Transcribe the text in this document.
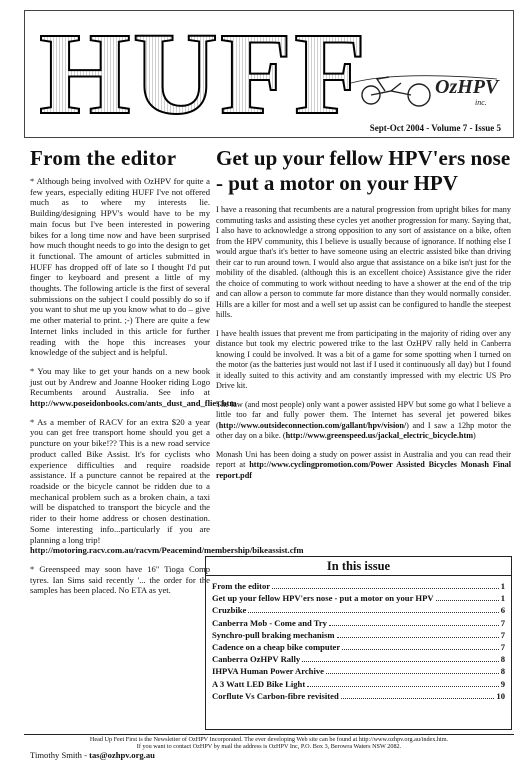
HUFF	OzHPV
inc.
Sept-Oct 2004 - Volume 7 - Issue 5
From the editor

* Although being involved with OzHPV for quite a few years, especially editing HUFF I've not offered much as to where my interests lie. Building/designing HPV's would have to be my main focus but I've been interested in powering bikes for a long time now and have been surprised how much thought needs to go into the design to get it functional. The amount of articles submitted in HUFF has dropped off of late so I thought I'd put finger to keyboard and present a little of my thoughts. The following article is the first of several submissions on the subject I could possibly do so if you want to shut me up you know what to do – give me other material to print. ;-) There are quite a few Internet links included in this article for further reading with the hope this increases your knowledge of the subject and is helpful.

* You may like to get your hands on a new book just out by Andrew and Joanne Hooker riding Logo Recumbents around Australia. See info at http://www.poseidonbooks.com/ants_dust_and_flies.htm

* As a member of RACV for an extra $20 a year you can get free transport home should you get a puncture on your bike!?? This is a new road service product called Bike Assist. It's for cyclists who experience difficulties and require roadside assistance. If a puncture cannot be repaired at the roadside or the bicycle cannot be ridden due to a mechanical problem such as a broken chain, a taxi will be dispatched to transport the bicycle and the rider to their home address or chosen destination. Some interesting info...particularly if you are planning a long trip!
http://motoring.racv.com.au/racvm/Peacemind/membership/bikeassist.cfm

* Greenspeed may soon have 16" Tioga Comp tyres. Ian Sims said recently '... the order for the samples has been placed. No ETA as yet.

Timothy Smith - tas@ozhpv.org.au
Get up your fellow HPV'ers nose - put a motor on your HPV

I have a reasoning that recumbents are a natural progression from upright bikes for many commuting tasks and assisting these cycles yet another progression for many. Saying that, I also have to acknowledge a strong opposition to any sort of assistance on a bike, often from the HPV community, this I believe is usually because of ignorance. If nothing else I would argue that's it's better to have someone using an electric assisted bike than driving their car to run around town. I would also argue that assistance on a bike isn't just for the mobility of the disabled. (although this is an excellent choice) Assistance give the rider the choice of commuting to work without needing to have a shower at the end of the trip and can allow a person to commute far more distance than they would normally consider. Hills are a killer for most and a well set up assist can be configured to handle the steepest hills.

I have health issues that prevent me from participating in the majority of riding over any distance but took my electric powered trike to the last OzHPV rally held in Canberra knowing I could be involved. It was a bit of a game for some spotting when I turned on the motor (as the batteries just would not last if I used it continuously all day) but I found it ideally suited to this activity and am constantly impressed with my electric US Pro Drive kit.

The law (and most people) only want a power assisted HPV but some go what I believe a little too far and fully power them. The Internet has several jet powered bikes (http://www.outsideconnection.com/gallant/hpv/vision/) and I saw a 12hp motor the other day on a bike. (http://www.greenspeed.us/jackal_electric_bicycle.htm)

Monash Uni has been doing a study on power assist in Australia and you can read their report at http://www.cyclingpromotion.com/Power Assisted Bicycles Monash Final report.pdf

In this issue
From the editor	1
Get up your fellow HPV'ers nose - put a motor on your HPV	1
Cruzbike	6
Canberra Mob - Come and Try	7
Synchro-pull braking mechanism	7
Cadence on a cheap bike computer	7
Canberra OzHPV Rally	8
IHPVA Human Power Archive	8
A 3 Watt LED Bike Light	9
Corflute Vs Carbon-fibre revisited	10
Head Up Feet First is the Newsletter of OzHPV Incorporated. The ever developing Web site can be found at http://www.ozhpv.org.au/index.htm.
If you want to contact OzHPV by mail the address is OzHPV Inc, P.O. Box 3, Berowra Waters NSW 2082.
